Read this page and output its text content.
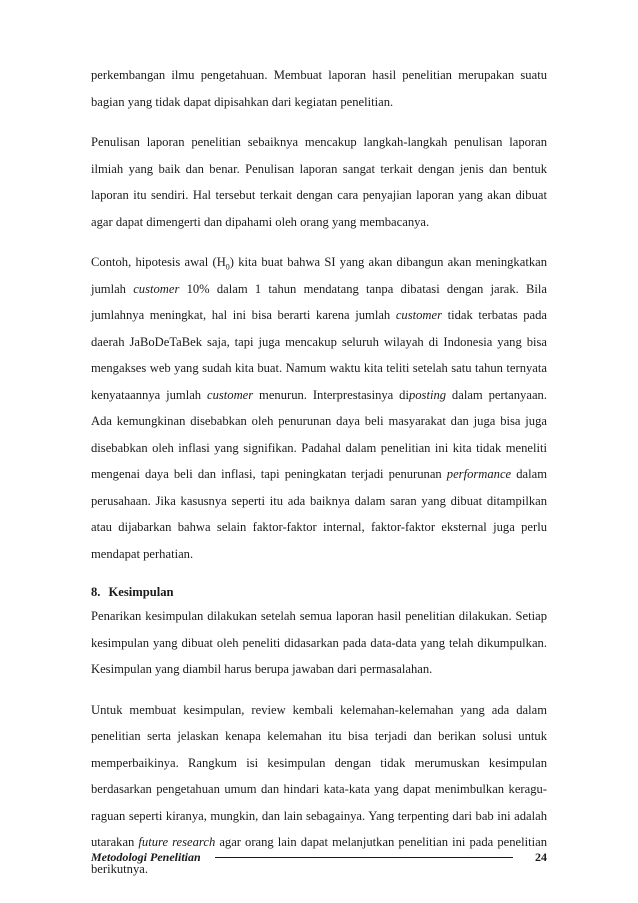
perkembangan ilmu pengetahuan. Membuat laporan hasil penelitian merupakan suatu bagian yang tidak dapat dipisahkan dari kegiatan penelitian.

Penulisan laporan penelitian sebaiknya mencakup langkah-langkah penulisan laporan ilmiah yang baik dan benar. Penulisan laporan sangat terkait dengan jenis dan bentuk laporan itu sendiri. Hal tersebut terkait dengan cara penyajian laporan yang akan dibuat agar dapat dimengerti dan dipahami oleh orang yang membacanya.

Contoh, hipotesis awal $(H_0)$ kita buat bahwa SI yang akan dibangun akan meningkatkan jumlah customer 10% dalam 1 tahun mendatang tanpa dibatasi dengan jarak. Bila jumlahnya meningkat, hal ini bisa berarti karena jumlah customer tidak terbatas pada daerah JaBoDeTaBek saja, tapi juga mencakup seluruh wilayah di Indonesia yang bisa mengakses web yang sudah kita buat. Namum waktu kita teliti setelah satu tahun ternyata kenyataannya jumlah customer menurun. Interprestasinya diposting dalam pertanyaan. Ada kemungkinan disebabkan oleh penurunan daya beli masyarakat dan juga bisa juga disebabkan oleh inflasi yang signifikan. Padahal dalam penelitian ini kita tidak meneliti mengenai daya beli dan inflasi, tapi peningkatan terjadi penurunan performance dalam perusahaan. Jika kasusnya seperti itu ada baiknya dalam saran yang dibuat ditampilkan atau dijabarkan bahwa selain faktor-faktor internal, faktor-faktor eksternal juga perlu mendapat perhatian.

8. Kesimpulan

Penarikan kesimpulan dilakukan setelah semua laporan hasil penelitian dilakukan. Setiap kesimpulan yang dibuat oleh peneliti didasarkan pada data-data yang telah dikumpulkan. Kesimpulan yang diambil harus berupa jawaban dari permasalahan.

Untuk membuat kesimpulan, review kembali kelemahan-kelemahan yang ada dalam penelitian serta jelaskan kenapa kelemahan itu bisa terjadi dan berikan solusi untuk memperbaikinya. Rangkum isi kesimpulan dengan tidak merumuskan kesimpulan berdasarkan pengetahuan umum dan hindari kata-kata yang dapat menimbulkan keragu-raguan seperti kiranya, mungkin, dan lain sebagainya. Yang terpenting dari bab ini adalah utarakan future research agar orang lain dapat melanjutkan penelitian ini pada penelitian berikutnya.

Metodologi Penelitian	24
